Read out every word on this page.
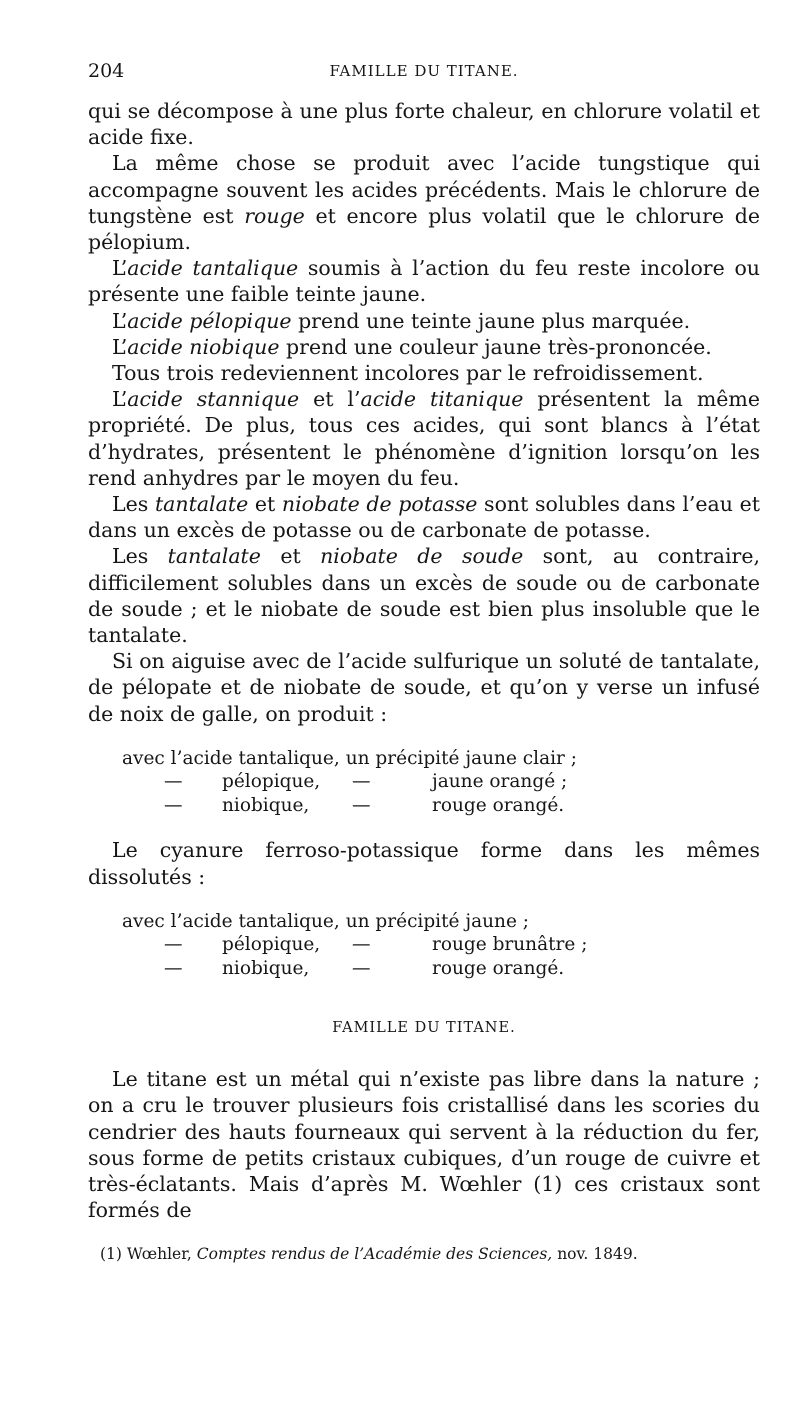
204	FAMILLE DU TITANE.

qui se décompose à une plus forte chaleur, en chlorure volatil et acide fixe.

La même chose se produit avec l’acide tungstique qui accompagne souvent les acides précédents. Mais le chlorure de tungstène est rouge et encore plus volatil que le chlorure de pélopium.

L’acide tantalique soumis à l’action du feu reste incolore ou présente une faible teinte jaune.

L’acide pélopique prend une teinte jaune plus marquée.

L’acide niobique prend une couleur jaune très-prononcée.

Tous trois redeviennent incolores par le refroidissement.

L’acide stannique et l’acide titanique présentent la même propriété. De plus, tous ces acides, qui sont blancs à l’état d’hydrates, présentent le phénomène d’ignition lorsqu’on les rend anhydres par le moyen du feu.

Les tantalate et niobate de potasse sont solubles dans l’eau et dans un excès de potasse ou de carbonate de potasse.

Les tantalate et niobate de soude sont, au contraire, difficilement solubles dans un excès de soude ou de carbonate de soude ; et le niobate de soude est bien plus insoluble que le tantalate.

Si on aiguise avec de l’acide sulfurique un soluté de tantalate, de pélopate et de niobate de soude, et qu’on y verse un infusé de noix de galle, on produit :

avec l’acide tantalique, un précipité jaune clair ;
— pélopique,	—	jaune orangé ;
— niobique,	—	rouge orangé.

Le cyanure ferroso-potassique forme dans les mêmes dissolutés :

avec l’acide tantalique, un précipité jaune ;
— pélopique,	—	rouge brunâtre ;
— niobique,	—	rouge orangé.
FAMILLE DU TITANE.

Le titane est un métal qui n’existe pas libre dans la nature ; on a cru le trouver plusieurs fois cristallisé dans les scories du cendrier des hauts fourneaux qui servent à la réduction du fer, sous forme de petits cristaux cubiques, d’un rouge de cuivre et très-éclatants. Mais d’après M. Wœhler (1) ces cristaux sont formés de

(1) Wœhler, Comptes rendus de l’Académie des Sciences, nov. 1849.
